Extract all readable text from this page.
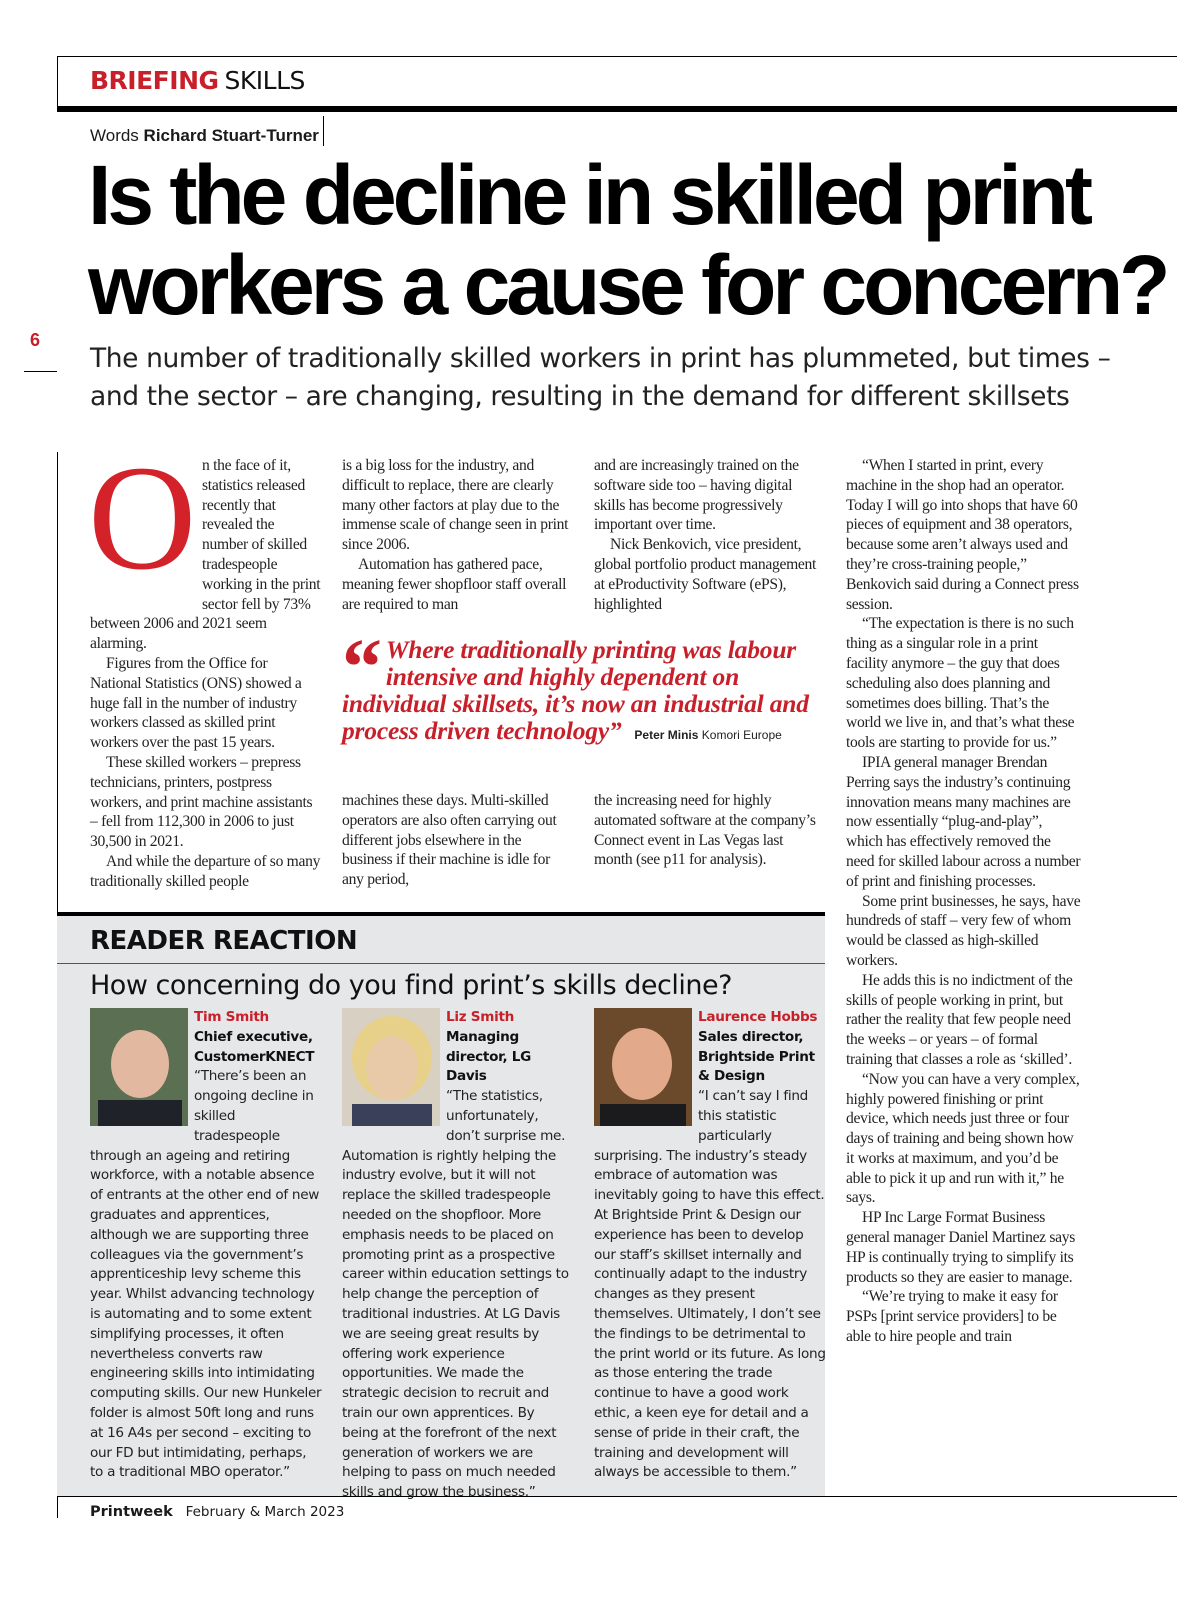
BRIEFING SKILLS
Words Richard Stuart-Turner
Is the decline in skilled print workers a cause for concern?
6
The number of traditionally skilled workers in print has plummeted, but times – and the sector – are changing, resulting in the demand for different skillsets
O n the face of it, statistics released recently that revealed the number of skilled tradespeople working in the print sector fell by 73% between 2006 and 2021 seem alarming.

Figures from the Office for National Statistics (ONS) showed a huge fall in the number of industry workers classed as skilled print workers over the past 15 years.

These skilled workers – prepress technicians, printers, postpress workers, and print machine assistants – fell from 112,300 in 2006 to just 30,500 in 2021.

And while the departure of so many traditionally skilled people

is a big loss for the industry, and difficult to replace, there are clearly many other factors at play due to the immense scale of change seen in print since 2006.

Automation has gathered pace, meaning fewer shopfloor staff overall are required to man

and are increasingly trained on the software side too – having digital skills has become progressively important over time.

Nick Benkovich, vice president, global portfolio product management at eProductivity Software (ePS), highlighted

“ Where traditionally printing was labour intensive and highly dependent on individual skillsets, it’s now an industrial and process driven technology” Peter Minis Komori Europe

machines these days. Multi-skilled operators are also often carrying out different jobs elsewhere in the business if their machine is idle for any period,

the increasing need for highly automated software at the company’s Connect event in Las Vegas last month (see p11 for analysis).

“When I started in print, every machine in the shop had an operator. Today I will go into shops that have 60 pieces of equipment and 38 operators, because some aren’t always used and they’re cross-training people,” Benkovich said during a Connect press session.

“The expectation is there is no such thing as a singular role in a print facility anymore – the guy that does scheduling also does planning and sometimes does billing. That’s the world we live in, and that’s what these tools are starting to provide for us.”

IPIA general manager Brendan Perring says the industry’s continuing innovation means many machines are now essentially “plug-and-play”, which has effectively removed the need for skilled labour across a number of print and finishing processes.

Some print businesses, he says, have hundreds of staff – very few of whom would be classed as high-skilled workers.

He adds this is no indictment of the skills of people working in print, but rather the reality that few people need the weeks – or years – of formal training that classes a role as ‘skilled’.

“Now you can have a very complex, highly powered finishing or print device, which needs just three or four days of training and being shown how it works at maximum, and you’d be able to pick it up and run with it,” he says.

HP Inc Large Format Business general manager Daniel Martinez says HP is continually trying to simplify its products so they are easier to manage.

“We’re trying to make it easy for PSPs [print service providers] to be able to hire people and train

READER REACTION
How concerning do you find print’s skills decline?
Tim Smith
Chief executive, CustomerKNECT

“There’s been an ongoing decline in skilled tradespeople through an ageing and retiring workforce, with a notable absence of entrants at the other end of new graduates and apprentices, although we are supporting three colleagues via the government’s apprenticeship levy scheme this year. Whilst advancing technology is automating and to some extent simplifying processes, it often nevertheless converts raw engineering skills into intimidating computing skills. Our new Hunkeler folder is almost 50ft long and runs at 16 A4s per second – exciting to our FD but intimidating, perhaps, to a traditional MBO operator.”

Liz Smith
Managing director, LG Davis

“The statistics, unfortunately, don’t surprise me. Automation is rightly helping the industry evolve, but it will not replace the skilled tradespeople needed on the shopfloor. More emphasis needs to be placed on promoting print as a prospective career within education settings to help change the perception of traditional industries. At LG Davis we are seeing great results by offering work experience opportunities. We made the strategic decision to recruit and train our own apprentices. By being at the forefront of the next generation of workers we are helping to pass on much needed skills and grow the business.”

Laurence Hobbs
Sales director, Brightside Print & Design

“I can’t say I find this statistic particularly surprising. The industry’s steady embrace of automation was inevitably going to have this effect. At Brightside Print & Design our experience has been to develop our staff’s skillset internally and continually adapt to the industry changes as they present themselves. Ultimately, I don’t see the findings to be detrimental to the print world or its future. As long as those entering the trade continue to have a good work ethic, a keen eye for detail and a sense of pride in their craft, the training and development will always be accessible to them.”

Printweek February & March 2023
